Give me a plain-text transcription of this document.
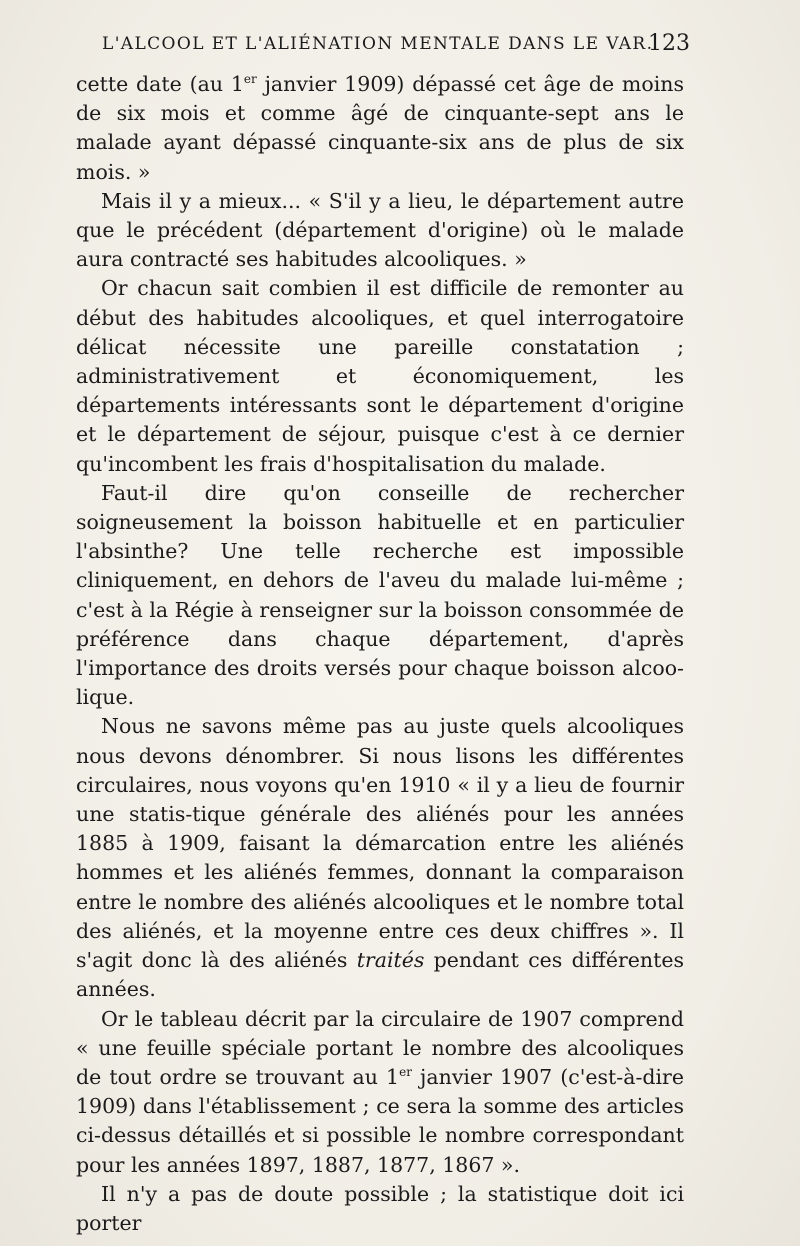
L'ALCOOL ET L'ALIÉNATION MENTALE DANS LE VAR.
123

cette date (au 1er janvier 1909) dépassé cet âge de moins de six mois et comme âgé de cinquante-sept ans le malade ayant dépassé cinquante-six ans de plus de six mois. »

Mais il y a mieux... « S'il y a lieu, le département autre que le précédent (département d'origine) où le malade aura contracté ses habitudes alcooliques. »

Or chacun sait combien il est difficile de remonter au début des habitudes alcooliques, et quel interrogatoire délicat nécessite une pareille constatation ; administrativement et économiquement, les départements intéressants sont le département d'origine et le département de séjour, puisque c'est à ce dernier qu'incombent les frais d'hospitalisation du malade.

Faut-il dire qu'on conseille de rechercher soigneusement la boisson habituelle et en particulier l'absinthe? Une telle recherche est impossible cliniquement, en dehors de l'aveu du malade lui-même ; c'est à la Régie à renseigner sur la boisson consommée de préférence dans chaque département, d'après l'importance des droits versés pour chaque boisson alcoo-lique.

Nous ne savons même pas au juste quels alcooliques nous devons dénombrer. Si nous lisons les différentes circulaires, nous voyons qu'en 1910 « il y a lieu de fournir une statis-tique générale des aliénés pour les années 1885 à 1909, faisant la démarcation entre les aliénés hommes et les aliénés femmes, donnant la comparaison entre le nombre des aliénés alcooliques et le nombre total des aliénés, et la moyenne entre ces deux chiffres ». Il s'agit donc là des aliénés traités pendant ces différentes années.

Or le tableau décrit par la circulaire de 1907 comprend « une feuille spéciale portant le nombre des alcooliques de tout ordre se trouvant au 1er janvier 1907 (c'est-à-dire 1909) dans l'établissement ; ce sera la somme des articles ci-dessus détaillés et si possible le nombre correspondant pour les années 1897, 1887, 1877, 1867 ».

Il n'y a pas de doute possible ; la statistique doit ici porter
